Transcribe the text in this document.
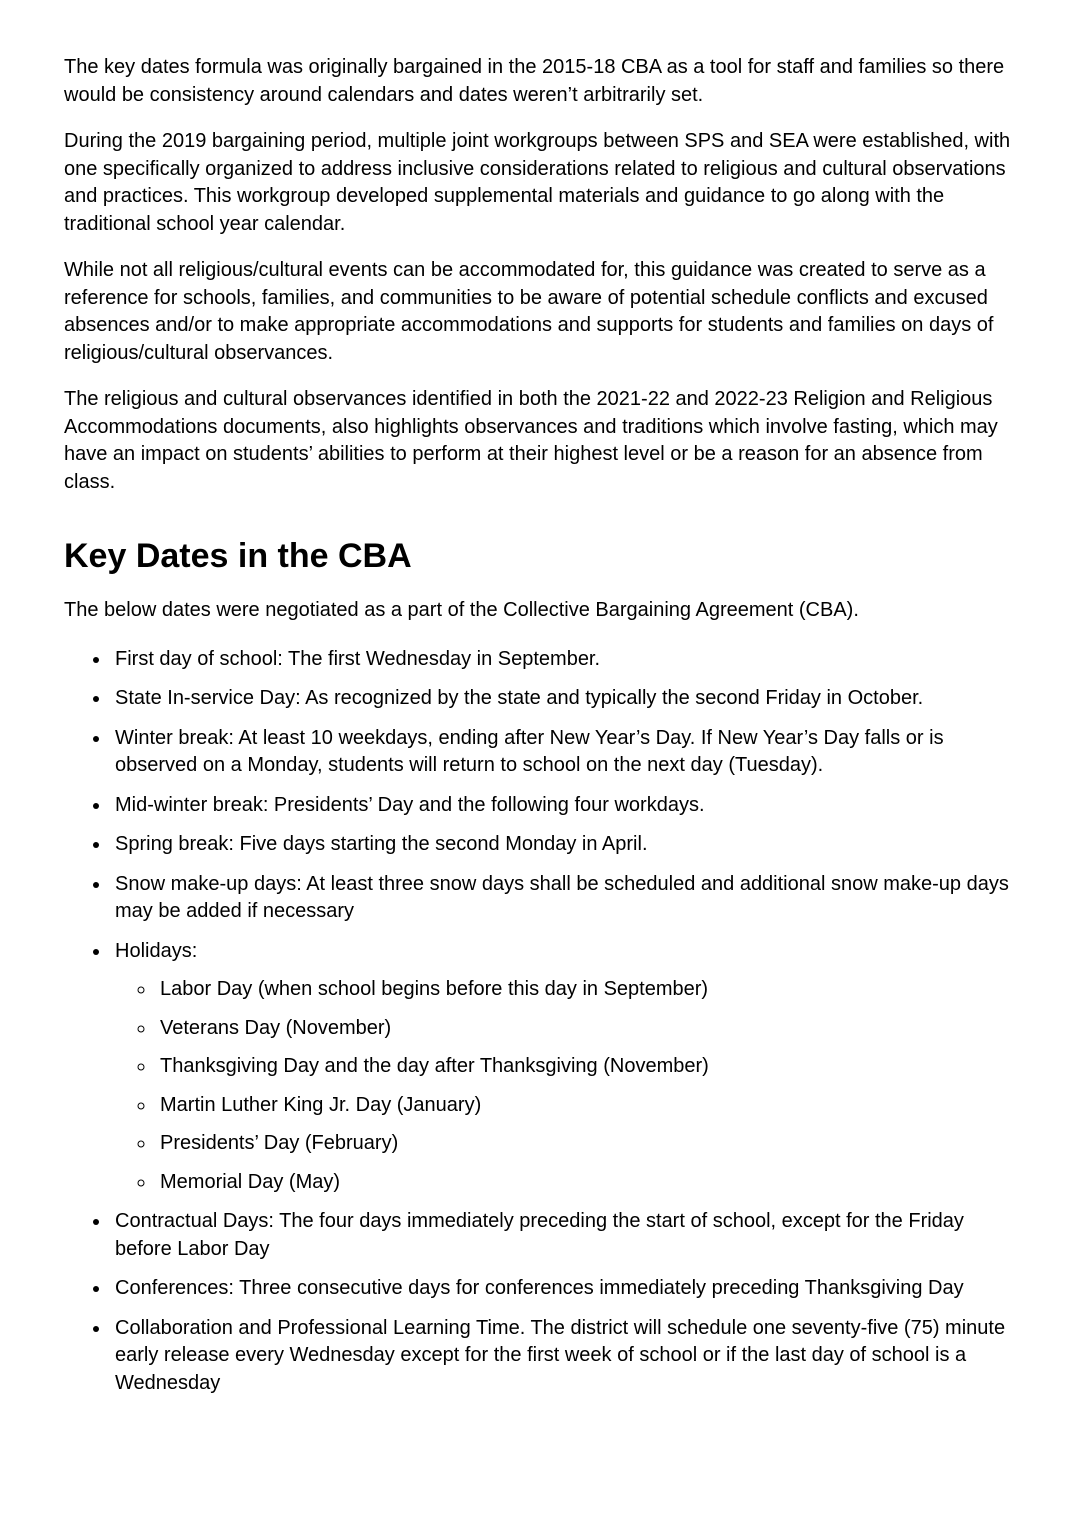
The key dates formula was originally bargained in the 2015-18 CBA as a tool for staff and families so there would be consistency around calendars and dates weren’t arbitrarily set.

During the 2019 bargaining period, multiple joint workgroups between SPS and SEA were established, with one specifically organized to address inclusive considerations related to religious and cultural observations and practices. This workgroup developed supplemental materials and guidance to go along with the traditional school year calendar.

While not all religious/cultural events can be accommodated for, this guidance was created to serve as a reference for schools, families, and communities to be aware of potential schedule conflicts and excused absences and/or to make appropriate accommodations and supports for students and families on days of religious/cultural observances.

The religious and cultural observances identified in both the 2021-22 and 2022-23 Religion and Religious Accommodations documents, also highlights observances and traditions which involve fasting, which may have an impact on students’ abilities to perform at their highest level or be a reason for an absence from class.

Key Dates in the CBA

The below dates were negotiated as a part of the Collective Bargaining Agreement (CBA).

• First day of school: The first Wednesday in September.
• State In-service Day: As recognized by the state and typically the second Friday in October.
• Winter break: At least 10 weekdays, ending after New Year’s Day. If New Year’s Day falls or is observed on a Monday, students will return to school on the next day (Tuesday).
• Mid-winter break: Presidents’ Day and the following four workdays.
• Spring break: Five days starting the second Monday in April.
• Snow make-up days: At least three snow days shall be scheduled and additional snow make-up days may be added if necessary
• Holidays:
◦ Labor Day (when school begins before this day in September)
◦ Veterans Day (November)
◦ Thanksgiving Day and the day after Thanksgiving (November)
◦ Martin Luther King Jr. Day (January)
◦ Presidents’ Day (February)
◦ Memorial Day (May)
• Contractual Days: The four days immediately preceding the start of school, except for the Friday before Labor Day
• Conferences: Three consecutive days for conferences immediately preceding Thanksgiving Day
• Collaboration and Professional Learning Time. The district will schedule one seventy-five (75) minute early release every Wednesday except for the first week of school or if the last day of school is a Wednesday
